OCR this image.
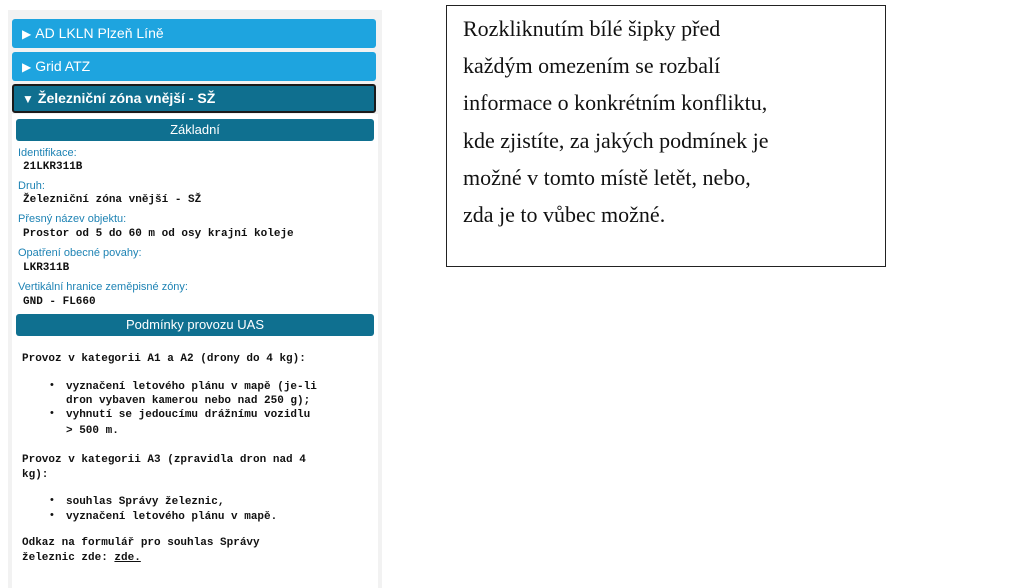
▶ AD LKLN Plzeň Líně
▶ Grid ATZ
▼ Železniční zóna vnější - SŽ
Základní
Identifikace:
21LKR311B
Druh:
Železniční zóna vnější - SŽ
Přesný název objektu:
Prostor od 5 do 60 m od osy krajní koleje
Opatření obecné povahy:
LKR311B
Vertikální hranice zeměpisné zóny:
GND - FL660
Podmínky provozu UAS
Provoz v kategorii A1 a A2 (drony do 4 kg):
• vyznačení letového plánu v mapě (je-li
dron vybaven kamerou nebo nad 250 g);
• vyhnutí se jedoucímu drážnímu vozidlu
> 500 m.
Provoz v kategorii A3 (zpravidla dron nad 4
kg):
• souhlas Správy železnic,
• vyznačení letového plánu v mapě.
Odkaz na formulář pro souhlas Správy
železnic zde: zde.
Rozkliknutím bílé šipky před
každým omezením se rozbalí
informace o konkrétním konfliktu,
kde zjistíte, za jakých podmínek je
možné v tomto místě letět, nebo,
zda je to vůbec možné.
